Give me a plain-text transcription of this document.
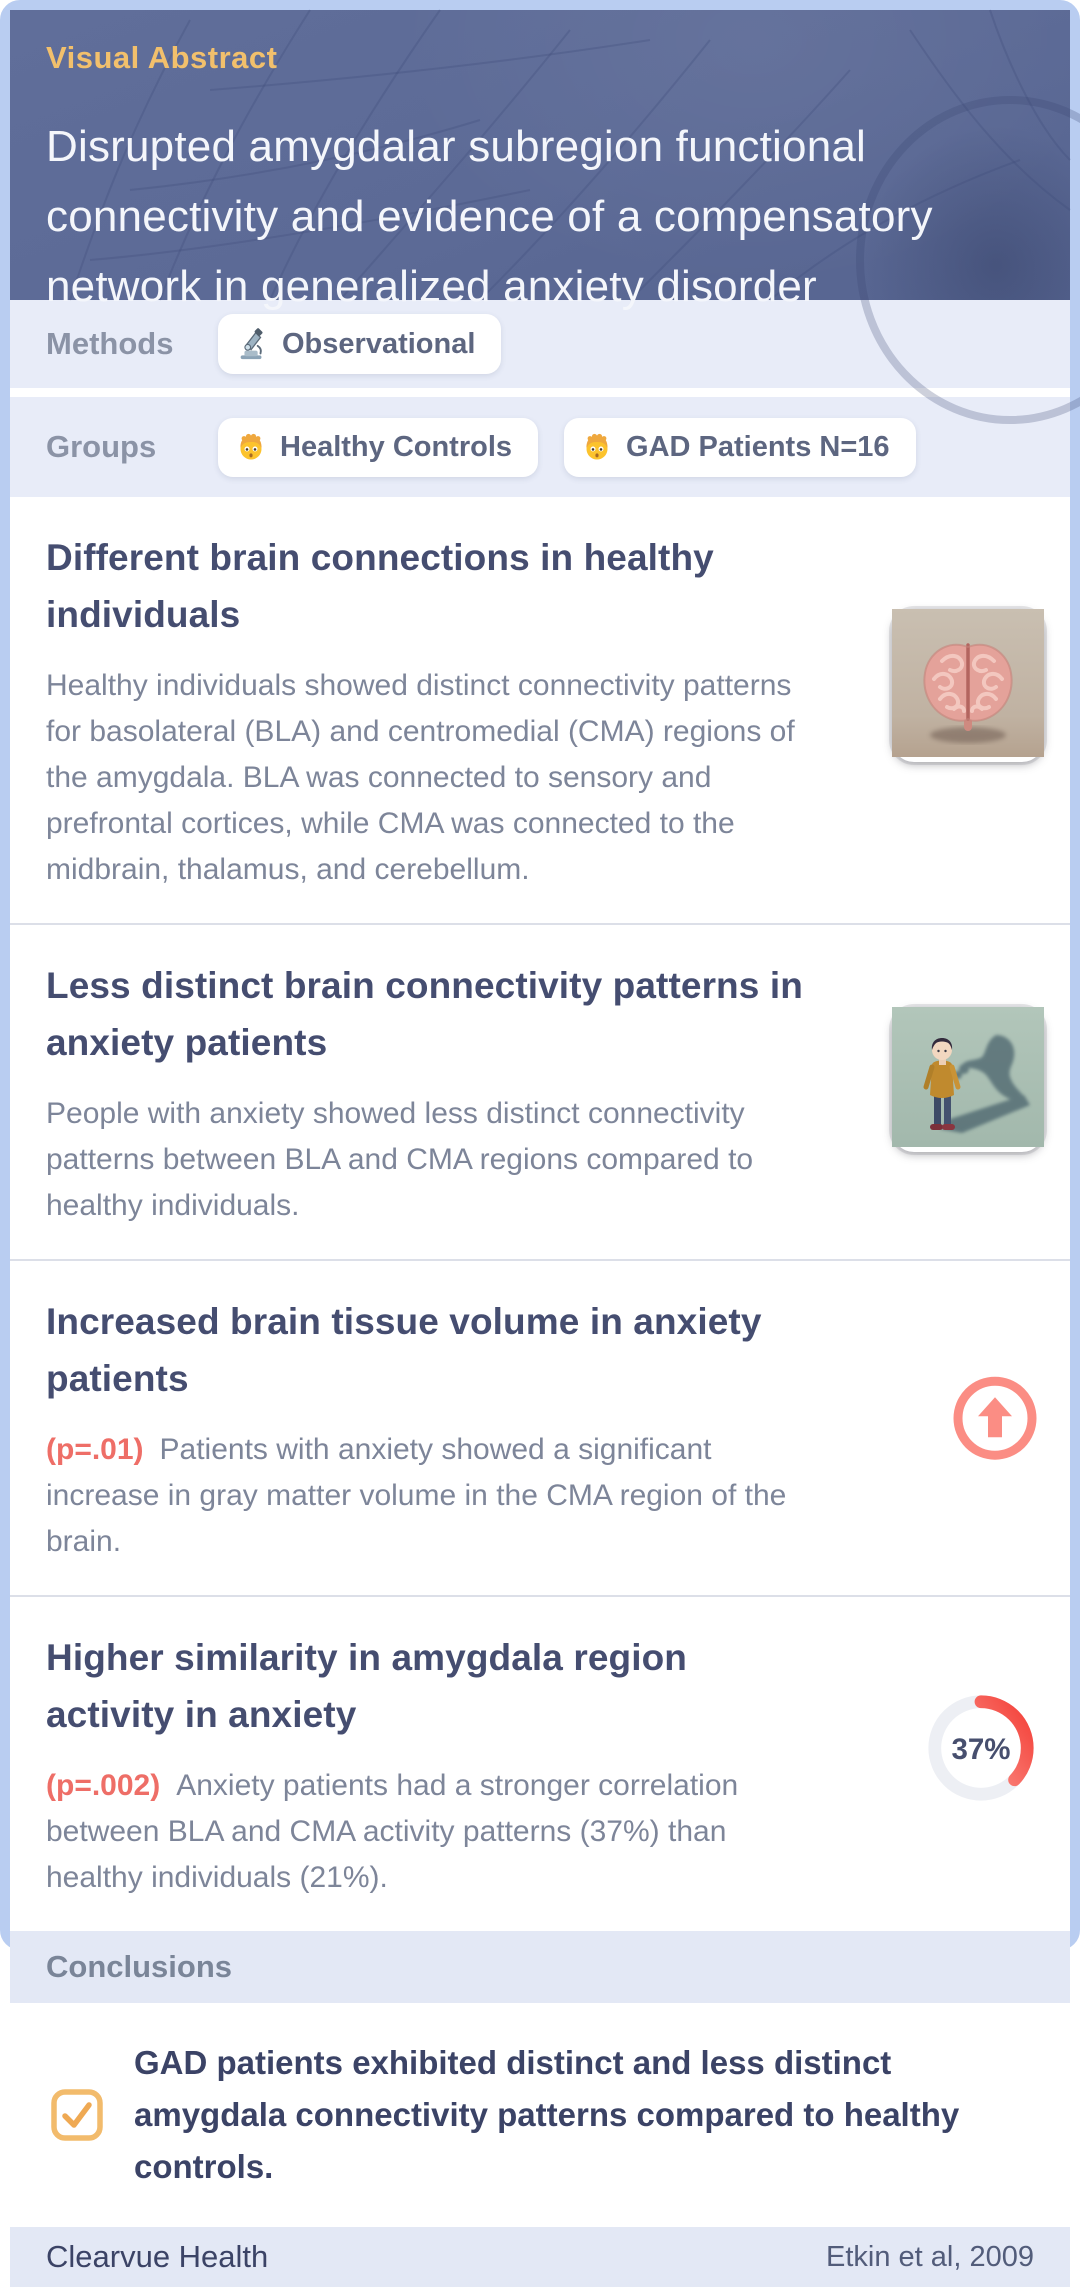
Visual Abstract
Disrupted amygdalar subregion functional connectivity and evidence of a compensatory network in generalized anxiety disorder
Methods	Observational
Groups	Healthy Controls	GAD Patients N=16
Different brain connections in healthy individuals

Healthy individuals showed distinct connectivity patterns for basolateral (BLA) and centromedial (CMA) regions of the amygdala. BLA was connected to sensory and prefrontal cortices, while CMA was connected to the midbrain, thalamus, and cerebellum.

Less distinct brain connectivity patterns in anxiety patients

People with anxiety showed less distinct connectivity patterns between BLA and CMA regions compared to healthy individuals.

Increased brain tissue volume in anxiety patients

(p=.01) Patients with anxiety showed a significant increase in gray matter volume in the CMA region of the brain.

Higher similarity in amygdala region activity in anxiety

(p=.002) Anxiety patients had a stronger correlation between BLA and CMA activity patterns (37%) than healthy individuals (21%).

37%
Conclusions

GAD patients exhibited distinct and less distinct amygdala connectivity patterns compared to healthy controls.

Clearvue Health	Etkin et al, 2009
